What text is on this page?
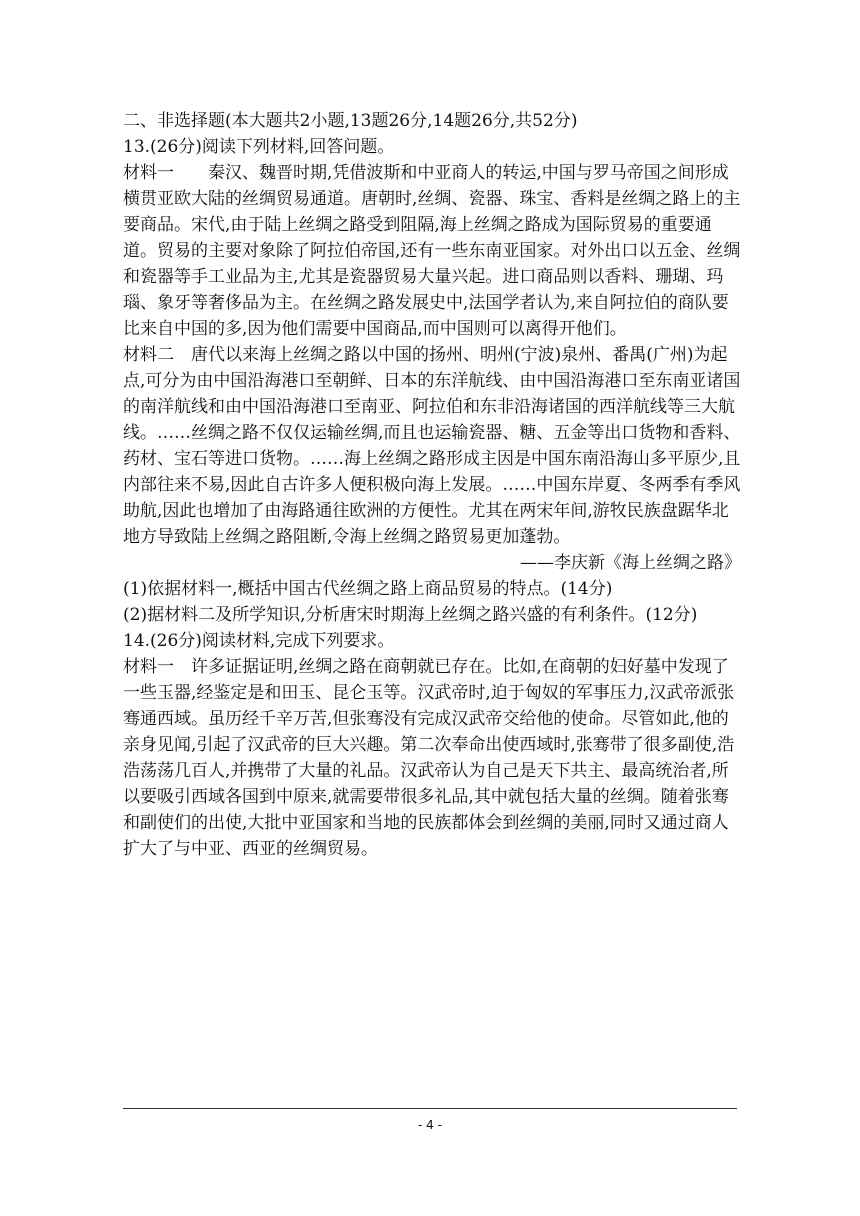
二、非选择题(本大题共2小题,13题26分,14题26分,共52分)

13.(26分)阅读下列材料,回答问题。

材料一 秦汉、魏晋时期,凭借波斯和中亚商人的转运,中国与罗马帝国之间形成横贯亚欧大陆的丝绸贸易通道。唐朝时,丝绸、瓷器、珠宝、香料是丝绸之路上的主要商品。宋代,由于陆上丝绸之路受到阻隔,海上丝绸之路成为国际贸易的重要通道。贸易的主要对象除了阿拉伯帝国,还有一些东南亚国家。对外出口以五金、丝绸和瓷器等手工业品为主,尤其是瓷器贸易大量兴起。进口商品则以香料、珊瑚、玛瑙、象牙等奢侈品为主。在丝绸之路发展史中,法国学者认为,来自阿拉伯的商队要比来自中国的多,因为他们需要中国商品,而中国则可以离得开他们。

材料二 唐代以来海上丝绸之路以中国的扬州、明州(宁波)泉州、番禺(广州)为起点,可分为由中国沿海港口至朝鲜、日本的东洋航线、由中国沿海港口至东南亚诸国的南洋航线和由中国沿海港口至南亚、阿拉伯和东非沿海诸国的西洋航线等三大航线。……丝绸之路不仅仅运输丝绸,而且也运输瓷器、糖、五金等出口货物和香料、药材、宝石等进口货物。……海上丝绸之路形成主因是中国东南沿海山多平原少,且内部往来不易,因此自古许多人便积极向海上发展。……中国东岸夏、冬两季有季风助航,因此也增加了由海路通往欧洲的方便性。尤其在两宋年间,游牧民族盘踞华北地方导致陆上丝绸之路阻断,令海上丝绸之路贸易更加蓬勃。

——李庆新《海上丝绸之路》

(1)依据材料一,概括中国古代丝绸之路上商品贸易的特点。(14分)

(2)据材料二及所学知识,分析唐宋时期海上丝绸之路兴盛的有利条件。(12分)

14.(26分)阅读材料,完成下列要求。

材料一 许多证据证明,丝绸之路在商朝就已存在。比如,在商朝的妇好墓中发现了一些玉器,经鉴定是和田玉、昆仑玉等。汉武帝时,迫于匈奴的军事压力,汉武帝派张骞通西域。虽历经千辛万苦,但张骞没有完成汉武帝交给他的使命。尽管如此,他的亲身见闻,引起了汉武帝的巨大兴趣。第二次奉命出使西域时,张骞带了很多副使,浩浩荡荡几百人,并携带了大量的礼品。汉武帝认为自己是天下共主、最高统治者,所以要吸引西域各国到中原来,就需要带很多礼品,其中就包括大量的丝绸。随着张骞和副使们的出使,大批中亚国家和当地的民族都体会到丝绸的美丽,同时又通过商人扩大了与中亚、西亚的丝绸贸易。

- 4 -
